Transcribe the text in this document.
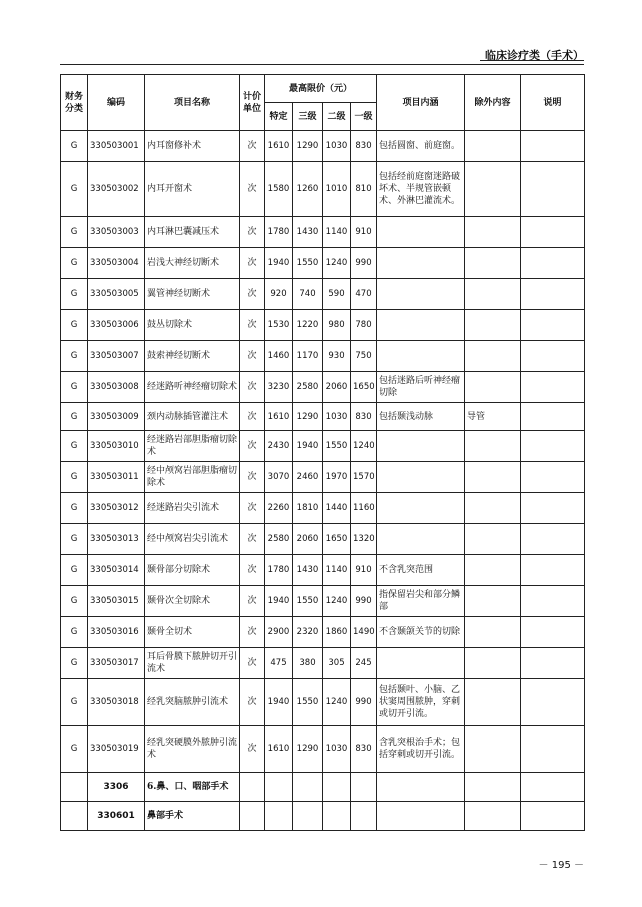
临床诊疗类（手术）
财务分类	编码	项目名称	计价单位	最高限价（元）				项目内涵	除外内容	说明
				特定	三级	二级	一级			
G	330503001	内耳窗修补术	次	1610	1290	1030	830	包括圆窗、前庭窗。		
G	330503002	内耳开窗术	次	1580	1260	1010	810	包括经前庭窗迷路破坏术、半规管嵌顿术、外淋巴灌流术。		
G	330503003	内耳淋巴囊减压术	次	1780	1430	1140	910			
G	330503004	岩浅大神经切断术	次	1940	1550	1240	990			
G	330503005	翼管神经切断术	次	920	740	590	470			
G	330503006	鼓丛切除术	次	1530	1220	980	780			
G	330503007	鼓索神经切断术	次	1460	1170	930	750			
G	330503008	经迷路听神经瘤切除术	次	3230	2580	2060	1650	包括迷路后听神经瘤切除		
G	330503009	颈内动脉插管灌注术	次	1610	1290	1030	830	包括颞浅动脉	导管	
G	330503010	经迷路岩部胆脂瘤切除术	次	2430	1940	1550	1240			
G	330503011	经中颅窝岩部胆脂瘤切除术	次	3070	2460	1970	1570			
G	330503012	经迷路岩尖引流术	次	2260	1810	1440	1160			
G	330503013	经中颅窝岩尖引流术	次	2580	2060	1650	1320			
G	330503014	颞骨部分切除术	次	1780	1430	1140	910	不含乳突范围		
G	330503015	颞骨次全切除术	次	1940	1550	1240	990	指保留岩尖和部分鳞部		
G	330503016	颞骨全切术	次	2900	2320	1860	1490	不含颞颌关节的切除		
G	330503017	耳后骨膜下脓肿切开引流术	次	475	380	305	245			
G	330503018	经乳突脑脓肿引流术	次	1940	1550	1240	990	包括颞叶、小脑、乙状窦周围脓肿，穿刺或切开引流。		
G	330503019	经乳突硬膜外脓肿引流术	次	1610	1290	1030	830	含乳突根治手术；包括穿刺或切开引流。		
	3306	6.鼻、口、咽部手术								
	330601	鼻部手术								
－ 195 －
